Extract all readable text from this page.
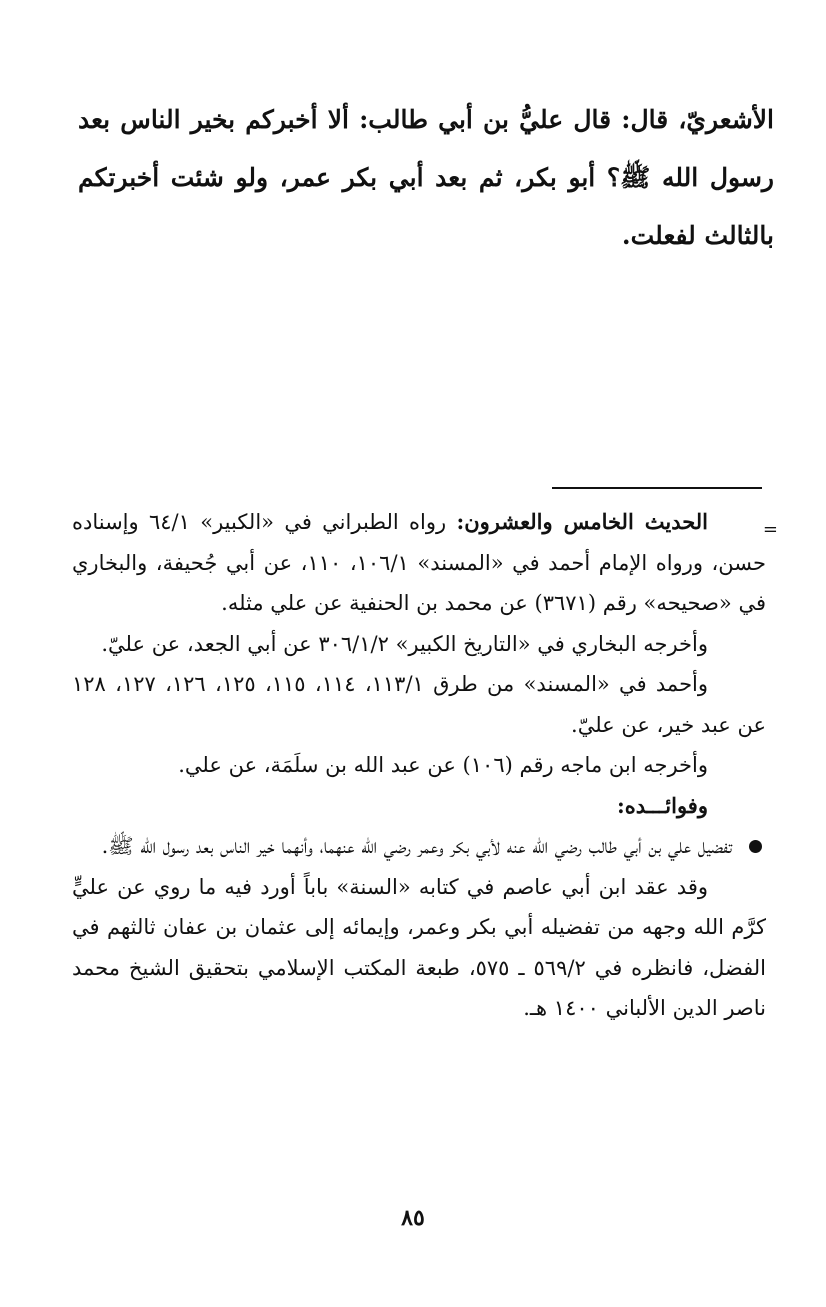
الأشعريّ، قال: قال عليُّ بن أبي طالب: ألا أخبركم بخير الناس بعد رسول الله ﷺ؟ أبو بكر، ثم بعد أبي بكر عمر، ولو شئت أخبرتكم بالثالث لفعلت.

=

الحديث الخامس والعشرون: رواه الطبراني في «الكبير» ٦٤/١ وإسناده حسن، ورواه الإمام أحمد في «المسند» ١٠٦/١، ١١٠، عن أبي جُحيفة، والبخاري في «صحيحه» رقم (٣٦٧١) عن محمد بن الحنفية عن علي مثله.

وأخرجه البخاري في «التاريخ الكبير» ٣٠٦/١/٢ عن أبي الجعد، عن عليّ.

وأحمد في «المسند» من طرق ١١٣/١، ١١٤، ١١٥، ١٢٥، ١٢٦، ١٢٧، ١٢٨ عن عبد خير، عن عليّ.

وأخرجه ابن ماجه رقم (١٠٦) عن عبد الله بن سلَمَة، عن علي.

وفوائـــده:

تفضيل علي بن أبي طالب رضي الله عنه لأبي بكر وعمر رضي الله عنهما، وأنهما خير الناس بعد رسول الله ﷺ.

وقد عقد ابن أبي عاصم في كتابه «السنة» باباً أورد فيه ما روي عن عليٍّ كرَّم الله وجهه من تفضيله أبي بكر وعمر، وإيمائه إلى عثمان بن عفان ثالثهم في الفضل، فانظره في ٥٦٩/٢ ـ ٥٧٥، طبعة المكتب الإسلامي بتحقيق الشيخ محمد ناصر الدين الألباني ١٤٠٠ هـ.

٨٥
